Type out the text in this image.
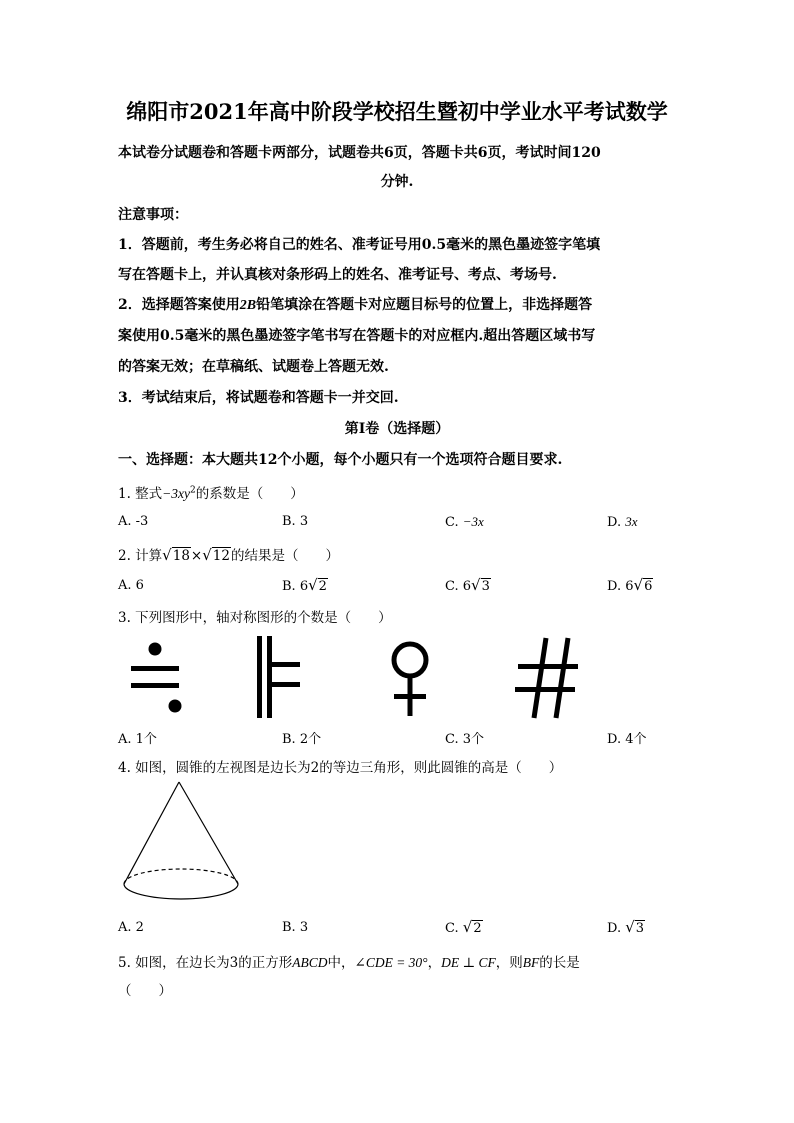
绵阳市2021年高中阶段学校招生暨初中学业水平考试数学
本试卷分试题卷和答题卡两部分，试题卷共6页，答题卡共6页，考试时间120
分钟.
注意事项：
1．答题前，考生务必将自己的姓名、准考证号用0.5毫米的黑色墨迹签字笔填
写在答题卡上，并认真核对条形码上的姓名、准考证号、考点、考场号.
2．选择题答案使用2B铅笔填涂在答题卡对应题目标号的位置上，非选择题答
案使用0.5毫米的黑色墨迹签字笔书写在答题卡的对应框内.超出答题区域书写
的答案无效；在草稿纸、试题卷上答题无效.
3．考试结束后，将试题卷和答题卡一并交回.
第Ⅰ卷（选择题）
一、选择题：本大题共12个小题，每个小题只有一个选项符合题目要求.
1. 整式$-3xy^2$的系数是（　　）
A. -3	B. 3	C. −3x	D. 3x
2. 计算√18×√12的结果是（　　）
A. 6	B. 6√2	C. 6√3	D. 6√6
3. 下列图形中，轴对称图形的个数是（　　）
A. 1个	B. 2个	C. 3个	D. 4个
4. 如图，圆锥的左视图是边长为2的等边三角形，则此圆锥的高是（　　）
A. 2	B. 3	C. √2	D. √3
5. 如图，在边长为3的正方形ABCD中，∠CDE = 30°，DE ⊥ CF，则BF的长是
（　　）
